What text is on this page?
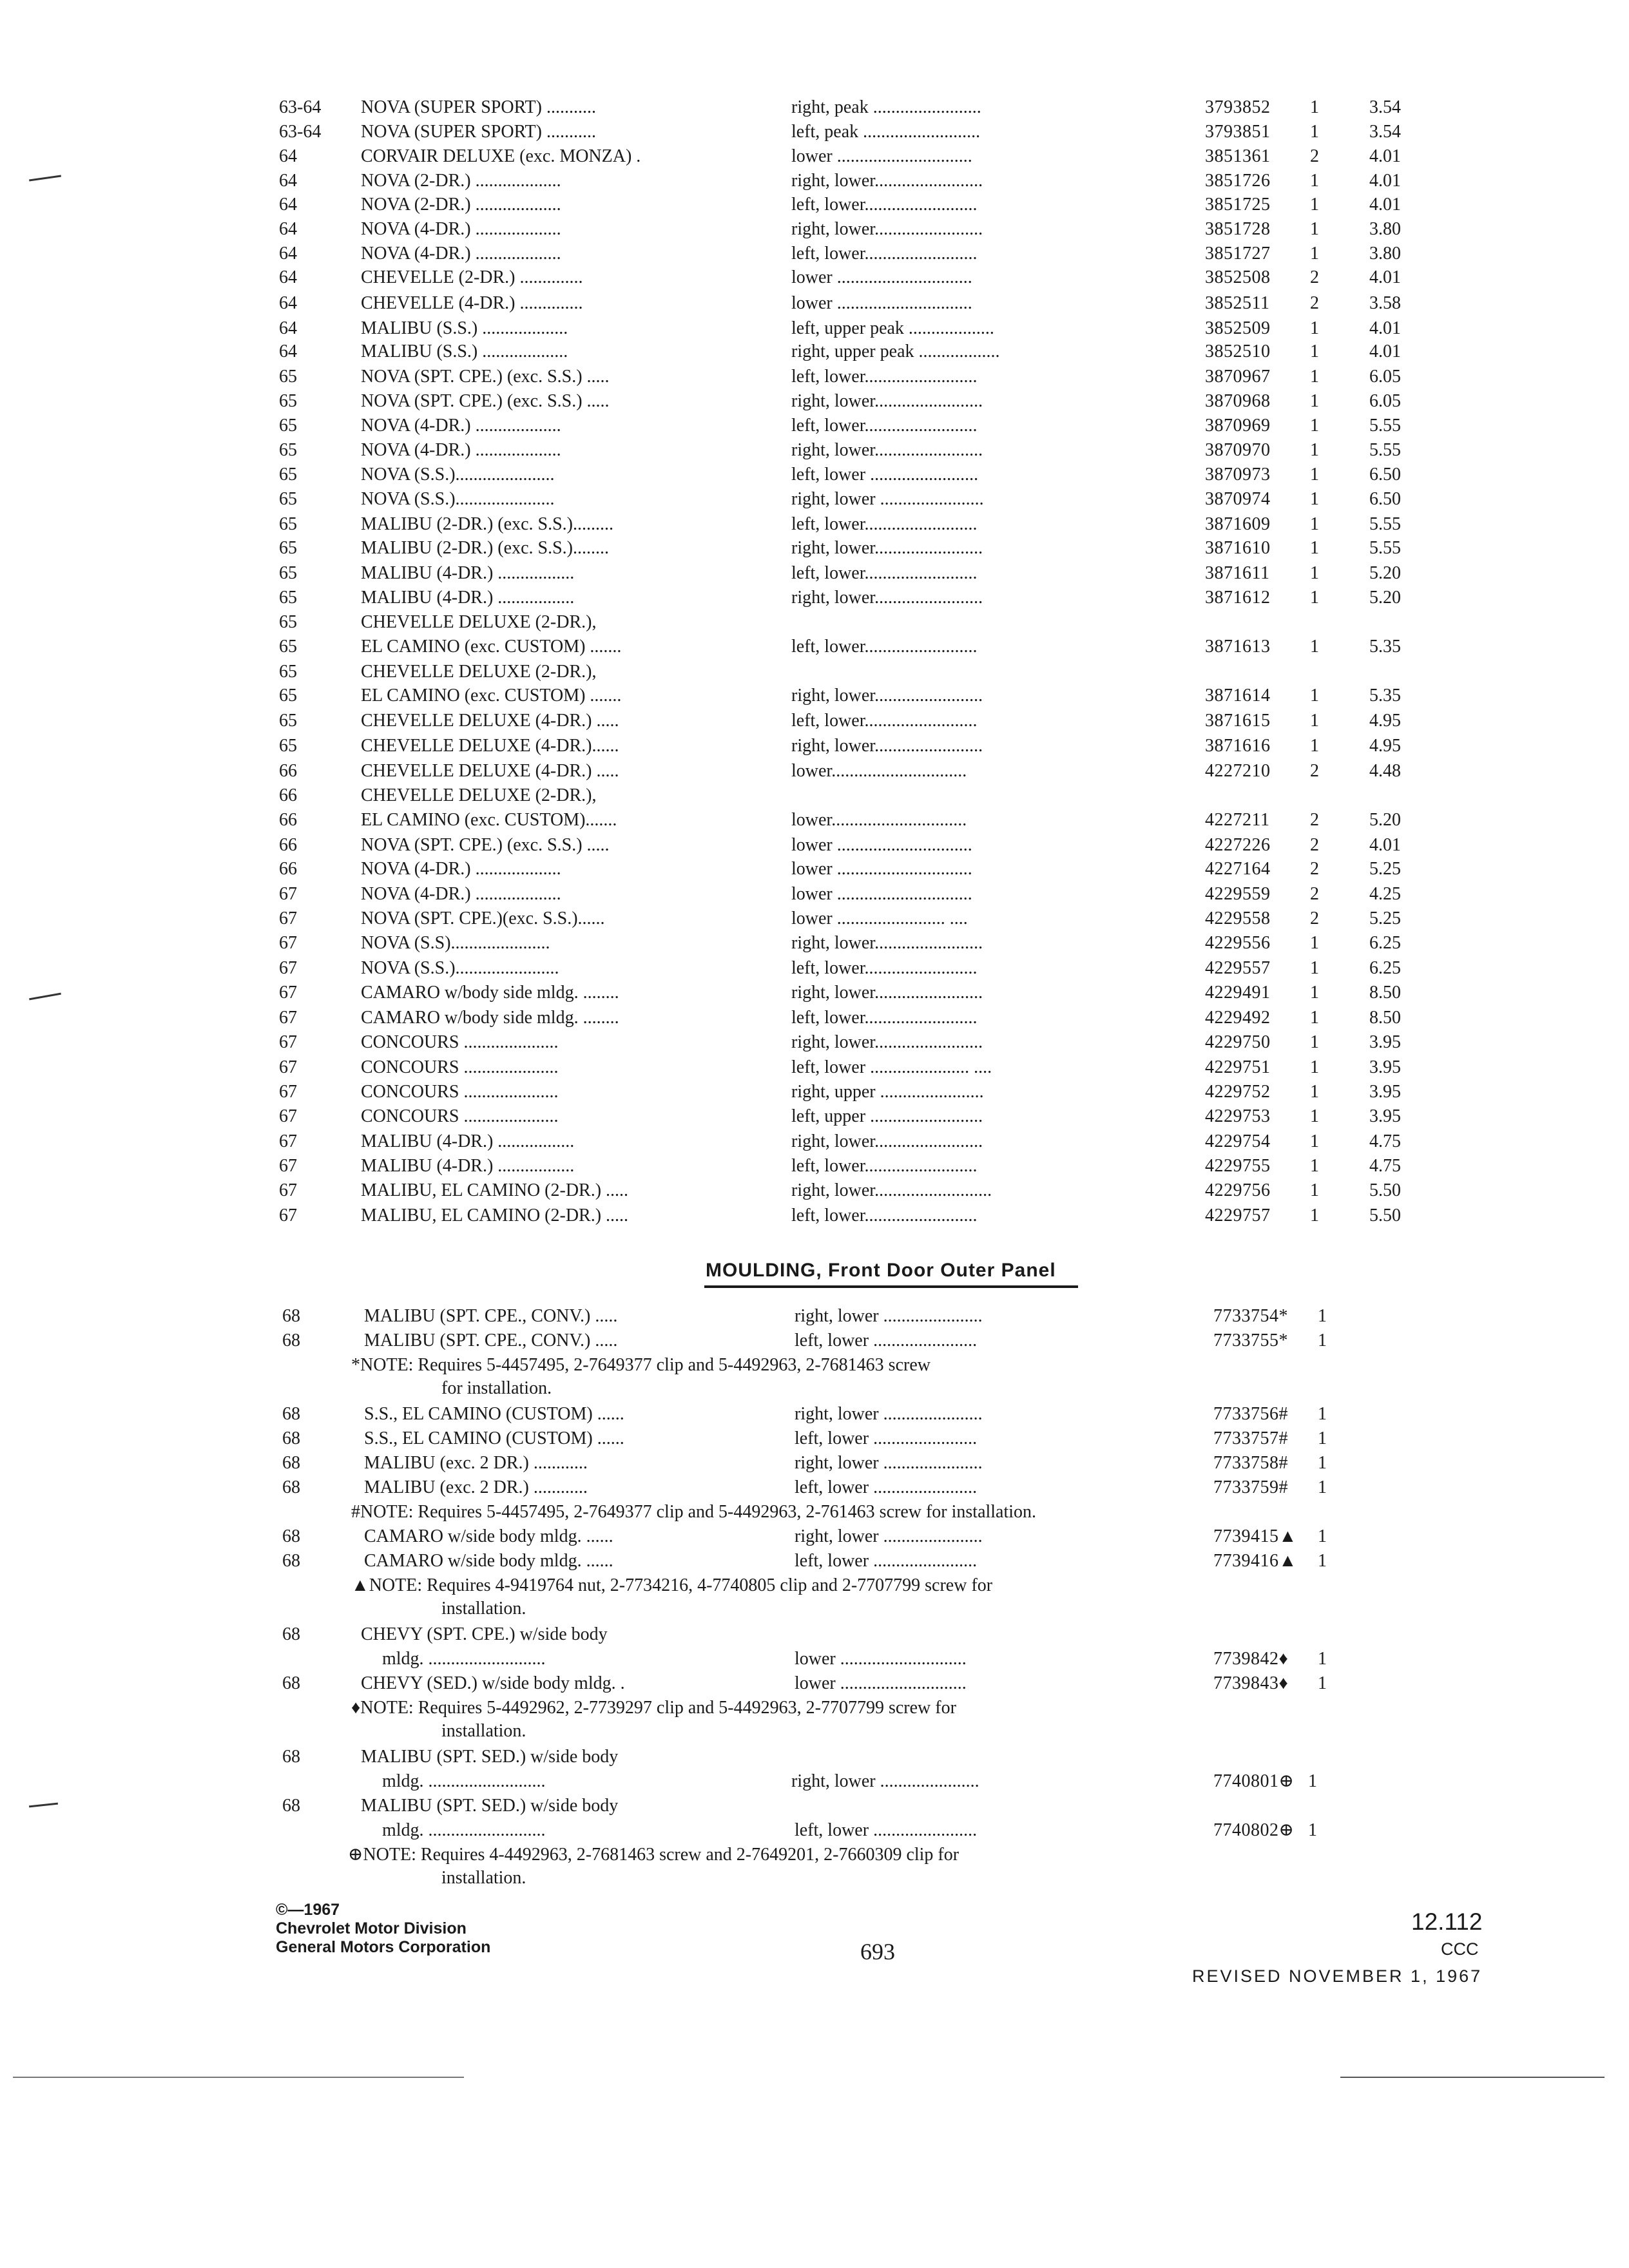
63-64 NOVA (SUPER SPORT) ...........	right, peak ........................	3793852 1	3.54
63-64 NOVA (SUPER SPORT) ...........	left, peak ..........................	3793851 1	3.54
64	CORVAIR DELUXE (exc. MONZA) .	lower ..............................	3851361 2	4.01
64	NOVA (2-DR.) ...................	right, lower........................	3851726 1	4.01
64	NOVA (2-DR.) ...................	left, lower.........................	3851725 1	4.01
64	NOVA (4-DR.) ...................	right, lower........................	3851728 1	3.80
64	NOVA (4-DR.) ...................	left, lower.........................	3851727 1	3.80
64	CHEVELLE (2-DR.) ..............	lower ..............................	3852508 2	4.01
64	CHEVELLE (4-DR.) ..............	lower ..............................	3852511 2	3.58
64	MALIBU (S.S.) ...................	left, upper peak ...................	3852509 1	4.01
64	MALIBU (S.S.) ...................	right, upper peak ..................	3852510 1	4.01
65	NOVA (SPT. CPE.) (exc. S.S.) .....	left, lower.........................	3870967 1	6.05
65	NOVA (SPT. CPE.) (exc. S.S.) .....	right, lower........................	3870968 1	6.05
65	NOVA (4-DR.) ...................	left, lower.........................	3870969 1	5.55
65	NOVA (4-DR.) ...................	right, lower........................	3870970 1	5.55
65	NOVA (S.S.)......................	left, lower ........................	3870973 1	6.50
65	NOVA (S.S.)......................	right, lower .......................	3870974 1	6.50
65	MALIBU (2-DR.) (exc. S.S.).........	left, lower.........................	3871609 1	5.55
65	MALIBU (2-DR.) (exc. S.S.)........	right, lower........................	3871610 1	5.55
65	MALIBU (4-DR.) .................	left, lower.........................	3871611 1	5.20
65	MALIBU (4-DR.) .................	right, lower........................	3871612 1	5.20
65	CHEVELLE DELUXE (2-DR.),
65	EL CAMINO (exc. CUSTOM) .......	left, lower.........................	3871613 1	5.35
65	CHEVELLE DELUXE (2-DR.),
65	EL CAMINO (exc. CUSTOM) .......	right, lower........................	3871614 1	5.35
65	CHEVELLE DELUXE (4-DR.) .....	left, lower.........................	3871615 1	4.95
65	CHEVELLE DELUXE (4-DR.)......	right, lower........................	3871616 1	4.95
66	CHEVELLE DELUXE (4-DR.) .....	lower..............................	4227210 2	4.48
66	CHEVELLE DELUXE (2-DR.),
66	EL CAMINO (exc. CUSTOM).......	lower..............................	4227211 2	5.20
66	NOVA (SPT. CPE.) (exc. S.S.) .....	lower ..............................	4227226 2	4.01
66	NOVA (4-DR.) ...................	lower ..............................	4227164 2	5.25
67	NOVA (4-DR.) ...................	lower ..............................	4229559 2	4.25
67	NOVA (SPT. CPE.)(exc. S.S.)......	lower ........................ ....	4229558 2	5.25
67	NOVA (S.S)......................	right, lower........................	4229556 1	6.25
67	NOVA (S.S.).......................	left, lower.........................	4229557 1	6.25
67	CAMARO w/body side mldg. ........	right, lower........................	4229491 1	8.50
67	CAMARO w/body side mldg. ........	left, lower.........................	4229492 1	8.50
67	CONCOURS .....................	right, lower........................	4229750 1	3.95
67	CONCOURS .....................	left, lower ...................... ....	4229751 1	3.95
67	CONCOURS .....................	right, upper .......................	4229752 1	3.95
67	CONCOURS .....................	left, upper .........................	4229753 1	3.95
67	MALIBU (4-DR.) .................	right, lower........................	4229754 1	4.75
67	MALIBU (4-DR.) .................	left, lower.........................	4229755 1	4.75
67	MALIBU, EL CAMINO (2-DR.) .....	right, lower..........................	4229756 1	5.50
67	MALIBU, EL CAMINO (2-DR.) .....	left, lower.........................	4229757 1	5.50
MOULDING, Front Door Outer Panel
68	MALIBU (SPT. CPE., CONV.) .....	right, lower ......................	7733754* 1
68	MALIBU (SPT. CPE., CONV.) .....	left, lower .......................	7733755* 1
*NOTE: Requires 5-4457495, 2-7649377 clip and 5-4492963, 2-7681463 screw
for installation.
68	S.S., EL CAMINO (CUSTOM) ......	right, lower ......................	7733756# 1
68	S.S., EL CAMINO (CUSTOM) ......	left, lower .......................	7733757# 1
68	MALIBU (exc. 2 DR.) ............	right, lower ......................	7733758# 1
68	MALIBU (exc. 2 DR.) ............	left, lower .......................	7733759# 1
#NOTE: Requires 5-4457495, 2-7649377 clip and 5-4492963, 2-761463 screw for installation.
68	CAMARO w/side body mldg. ......	right, lower ......................	7739415▲ 1
68	CAMARO w/side body mldg. ......	left, lower .......................	7739416▲ 1
▲NOTE: Requires 4-9419764 nut, 2-7734216, 4-7740805 clip and 2-7707799 screw for
installation.
68	CHEVY (SPT. CPE.) w/side body
mldg. ..........................	lower ............................	7739842♦ 1
68	CHEVY (SED.) w/side body mldg. .	lower ............................	7739843♦ 1
♦NOTE: Requires 5-4492962, 2-7739297 clip and 5-4492963, 2-7707799 screw for
installation.
68	MALIBU (SPT. SED.) w/side body
mldg. ..........................	right, lower ......................	7740801⊕ 1
68	MALIBU (SPT. SED.) w/side body
mldg. ..........................	left, lower .......................	7740802⊕ 1
⊕NOTE: Requires 4-4492963, 2-7681463 screw and 2-7649201, 2-7660309 clip for
installation.
©—1967
Chevrolet Motor Division
General Motors Corporation	693
12.112
CCC
REVISED NOVEMBER 1, 1967
